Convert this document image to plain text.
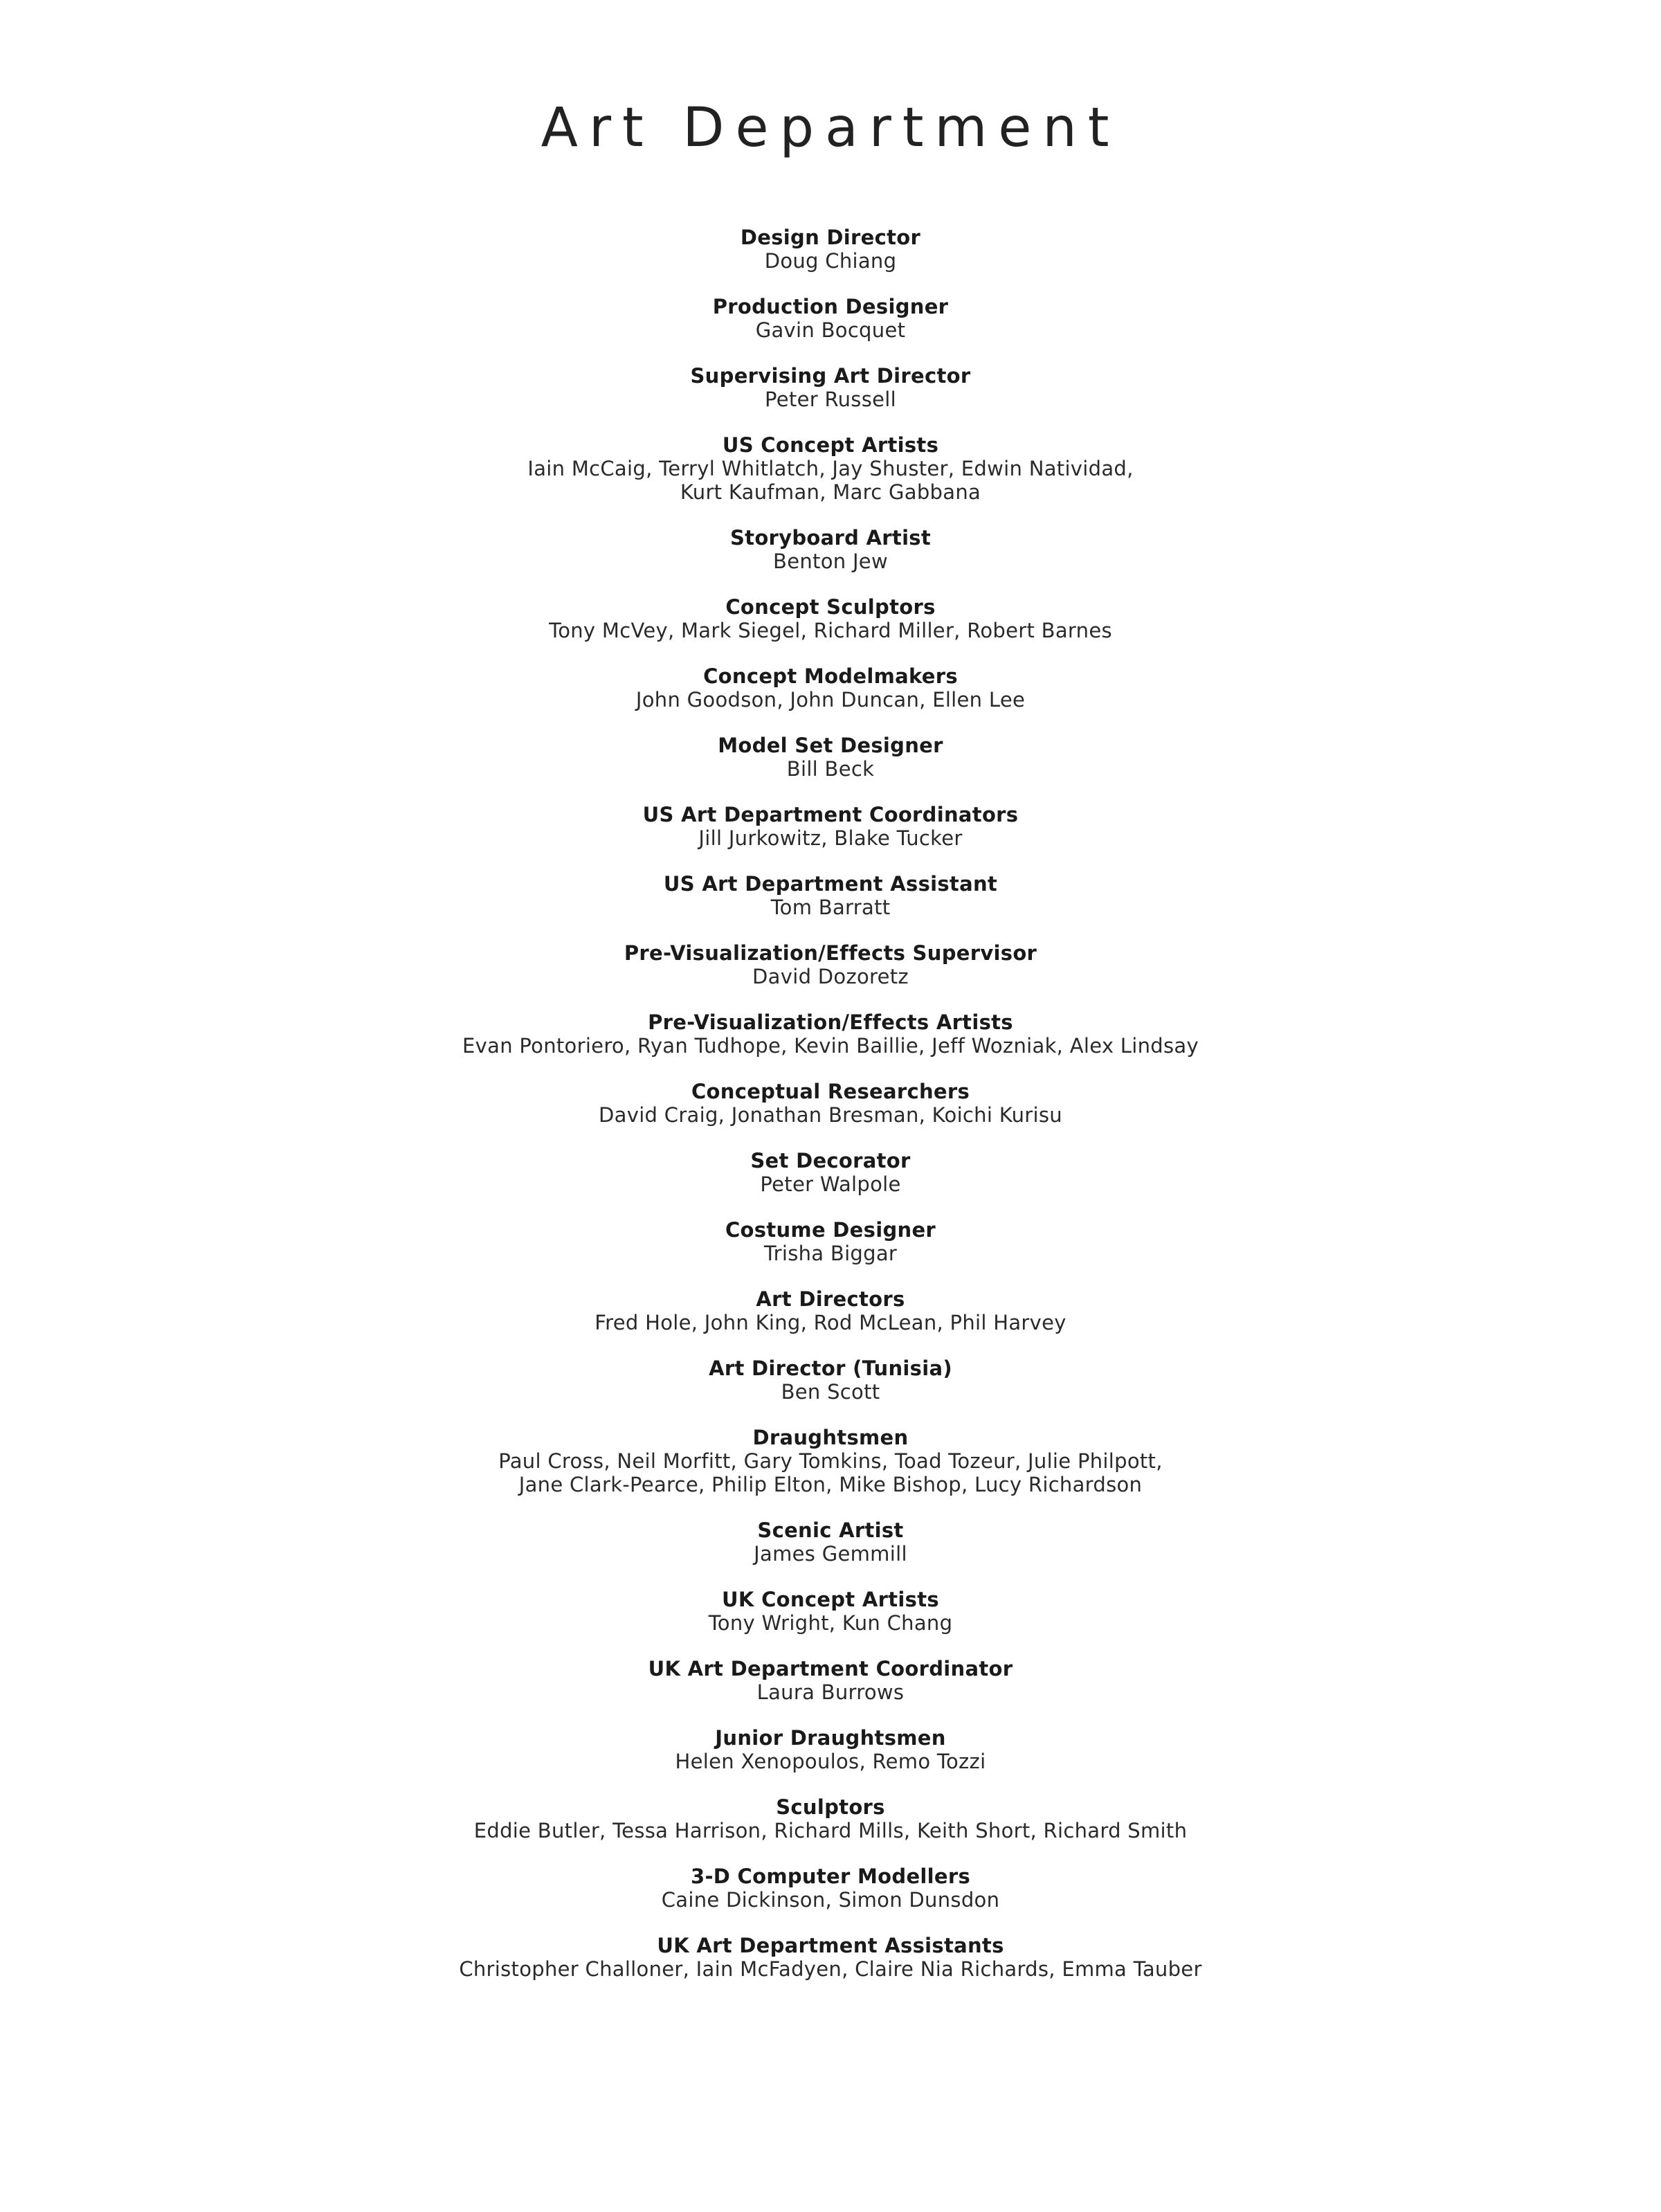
Art Department
Design Director
Doug Chiang
Production Designer
Gavin Bocquet
Supervising Art Director
Peter Russell
US Concept Artists
Iain McCaig, Terryl Whitlatch, Jay Shuster, Edwin Natividad,
Kurt Kaufman, Marc Gabbana
Storyboard Artist
Benton Jew
Concept Sculptors
Tony McVey, Mark Siegel, Richard Miller, Robert Barnes
Concept Modelmakers
John Goodson, John Duncan, Ellen Lee
Model Set Designer
Bill Beck
US Art Department Coordinators
Jill Jurkowitz, Blake Tucker
US Art Department Assistant
Tom Barratt
Pre-Visualization/Effects Supervisor
David Dozoretz
Pre-Visualization/Effects Artists
Evan Pontoriero, Ryan Tudhope, Kevin Baillie, Jeff Wozniak, Alex Lindsay
Conceptual Researchers
David Craig, Jonathan Bresman, Koichi Kurisu
Set Decorator
Peter Walpole
Costume Designer
Trisha Biggar
Art Directors
Fred Hole, John King, Rod McLean, Phil Harvey
Art Director (Tunisia)
Ben Scott
Draughtsmen
Paul Cross, Neil Morfitt, Gary Tomkins, Toad Tozeur, Julie Philpott,
Jane Clark-Pearce, Philip Elton, Mike Bishop, Lucy Richardson
Scenic Artist
James Gemmill
UK Concept Artists
Tony Wright, Kun Chang
UK Art Department Coordinator
Laura Burrows
Junior Draughtsmen
Helen Xenopoulos, Remo Tozzi
Sculptors
Eddie Butler, Tessa Harrison, Richard Mills, Keith Short, Richard Smith
3-D Computer Modellers
Caine Dickinson, Simon Dunsdon
UK Art Department Assistants
Christopher Challoner, Iain McFadyen, Claire Nia Richards, Emma Tauber
